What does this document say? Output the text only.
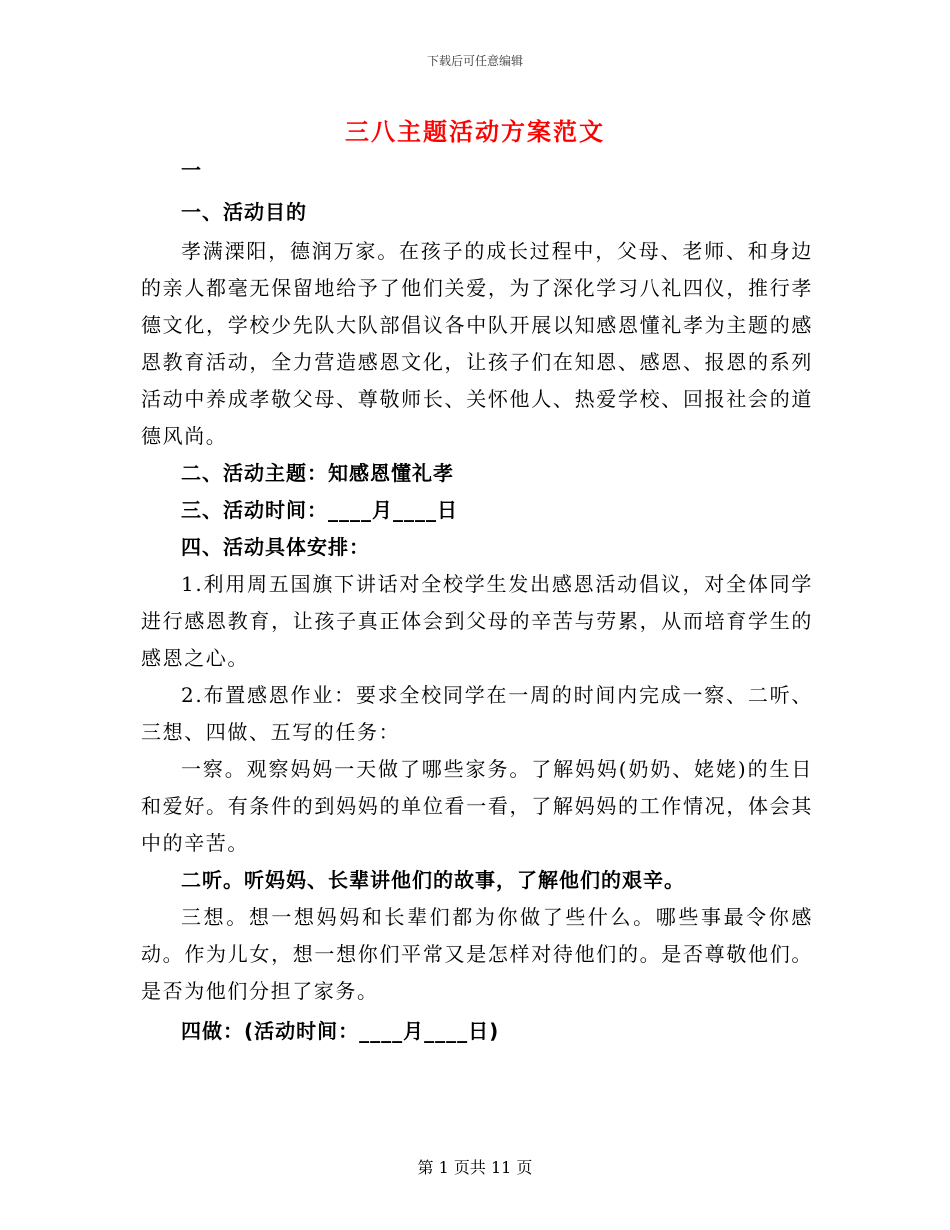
下载后可任意编辑
三八主题活动方案范文

一

一、活动目的

孝满溧阳，德润万家。在孩子的成长过程中，父母、老师、和身边的亲人都毫无保留地给予了他们关爱，为了深化学习八礼四仪，推行孝德文化，学校少先队大队部倡议各中队开展以知感恩懂礼孝为主题的感恩教育活动，全力营造感恩文化，让孩子们在知恩、感恩、报恩的系列活动中养成孝敬父母、尊敬师长、关怀他人、热爱学校、回报社会的道德风尚。

二、活动主题：知感恩懂礼孝

三、活动时间：____月____日

四、活动具体安排：

1.利用周五国旗下讲话对全校学生发出感恩活动倡议，对全体同学进行感恩教育，让孩子真正体会到父母的辛苦与劳累，从而培育学生的感恩之心。

2.布置感恩作业：要求全校同学在一周的时间内完成一察、二听、三想、四做、五写的任务：

一察。观察妈妈一天做了哪些家务。了解妈妈(奶奶、姥姥)的生日和爱好。有条件的到妈妈的单位看一看，了解妈妈的工作情况，体会其中的辛苦。

二听。听妈妈、长辈讲他们的故事，了解他们的艰辛。

三想。想一想妈妈和长辈们都为你做了些什么。哪些事最令你感动。作为儿女，想一想你们平常又是怎样对待他们的。是否尊敬他们。是否为他们分担了家务。

四做：(活动时间：____月____日)

第 1 页共 11 页
